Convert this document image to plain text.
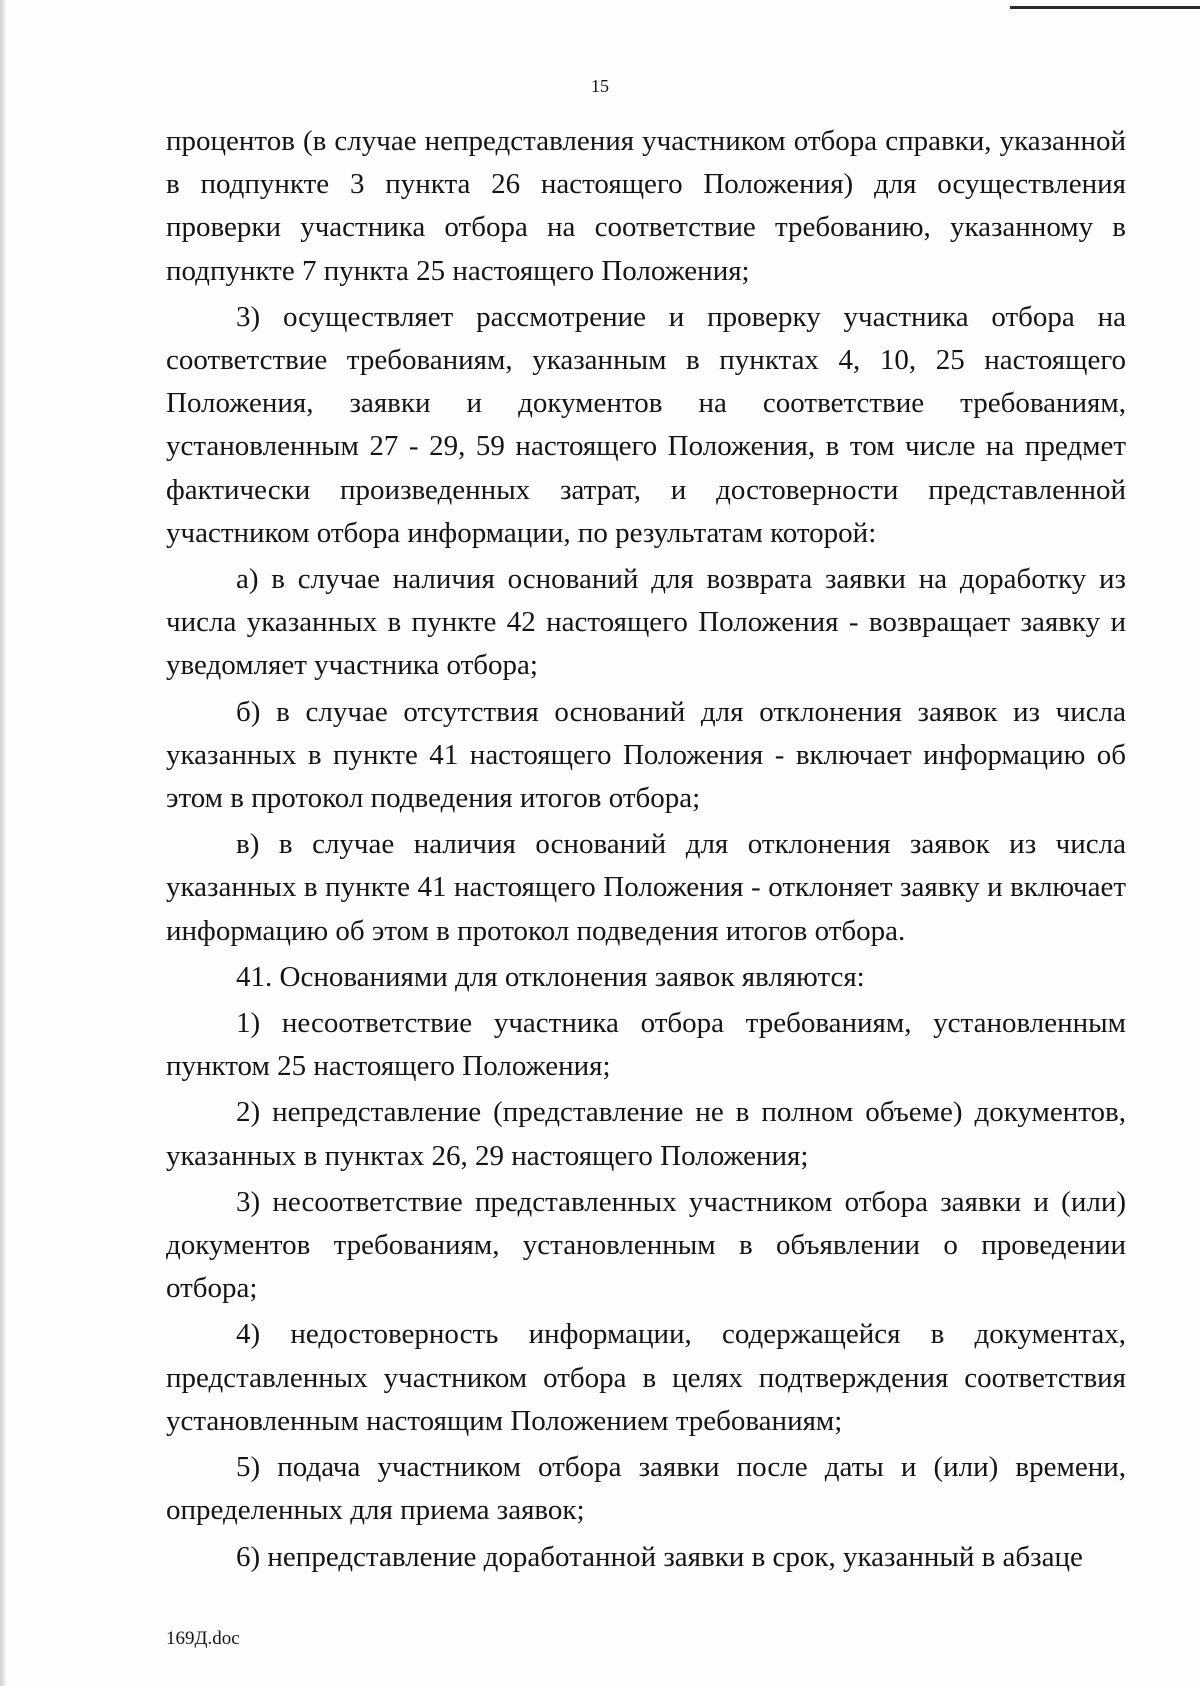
15

процентов (в случае непредставления участником отбора справки, указанной в подпункте 3 пункта 26 настоящего Положения) для осуществления проверки участника отбора на соответствие требованию, указанному в подпункте 7 пункта 25 настоящего Положения;

3) осуществляет рассмотрение и проверку участника отбора на соответствие требованиям, указанным в пунктах 4, 10, 25 настоящего Положения, заявки и документов на соответствие требованиям, установленным 27 - 29, 59 настоящего Положения, в том числе на предмет фактически произведенных затрат, и достоверности представленной участником отбора информации, по результатам которой:

а) в случае наличия оснований для возврата заявки на доработку из числа указанных в пункте 42 настоящего Положения - возвращает заявку и уведомляет участника отбора;

б) в случае отсутствия оснований для отклонения заявок из числа указанных в пункте 41 настоящего Положения - включает информацию об этом в протокол подведения итогов отбора;

в) в случае наличия оснований для отклонения заявок из числа указанных в пункте 41 настоящего Положения - отклоняет заявку и включает информацию об этом в протокол подведения итогов отбора.

41. Основаниями для отклонения заявок являются:

1) несоответствие участника отбора требованиям, установленным пунктом 25 настоящего Положения;

2) непредставление (представление не в полном объеме) документов, указанных в пунктах 26, 29 настоящего Положения;

3) несоответствие представленных участником отбора заявки и (или) документов требованиям, установленным в объявлении о проведении отбора;

4) недостоверность информации, содержащейся в документах, представленных участником отбора в целях подтверждения соответствия установленным настоящим Положением требованиям;

5) подача участником отбора заявки после даты и (или) времени, определенных для приема заявок;

6) непредставление доработанной заявки в срок, указанный в абзаце

169Д.doc
